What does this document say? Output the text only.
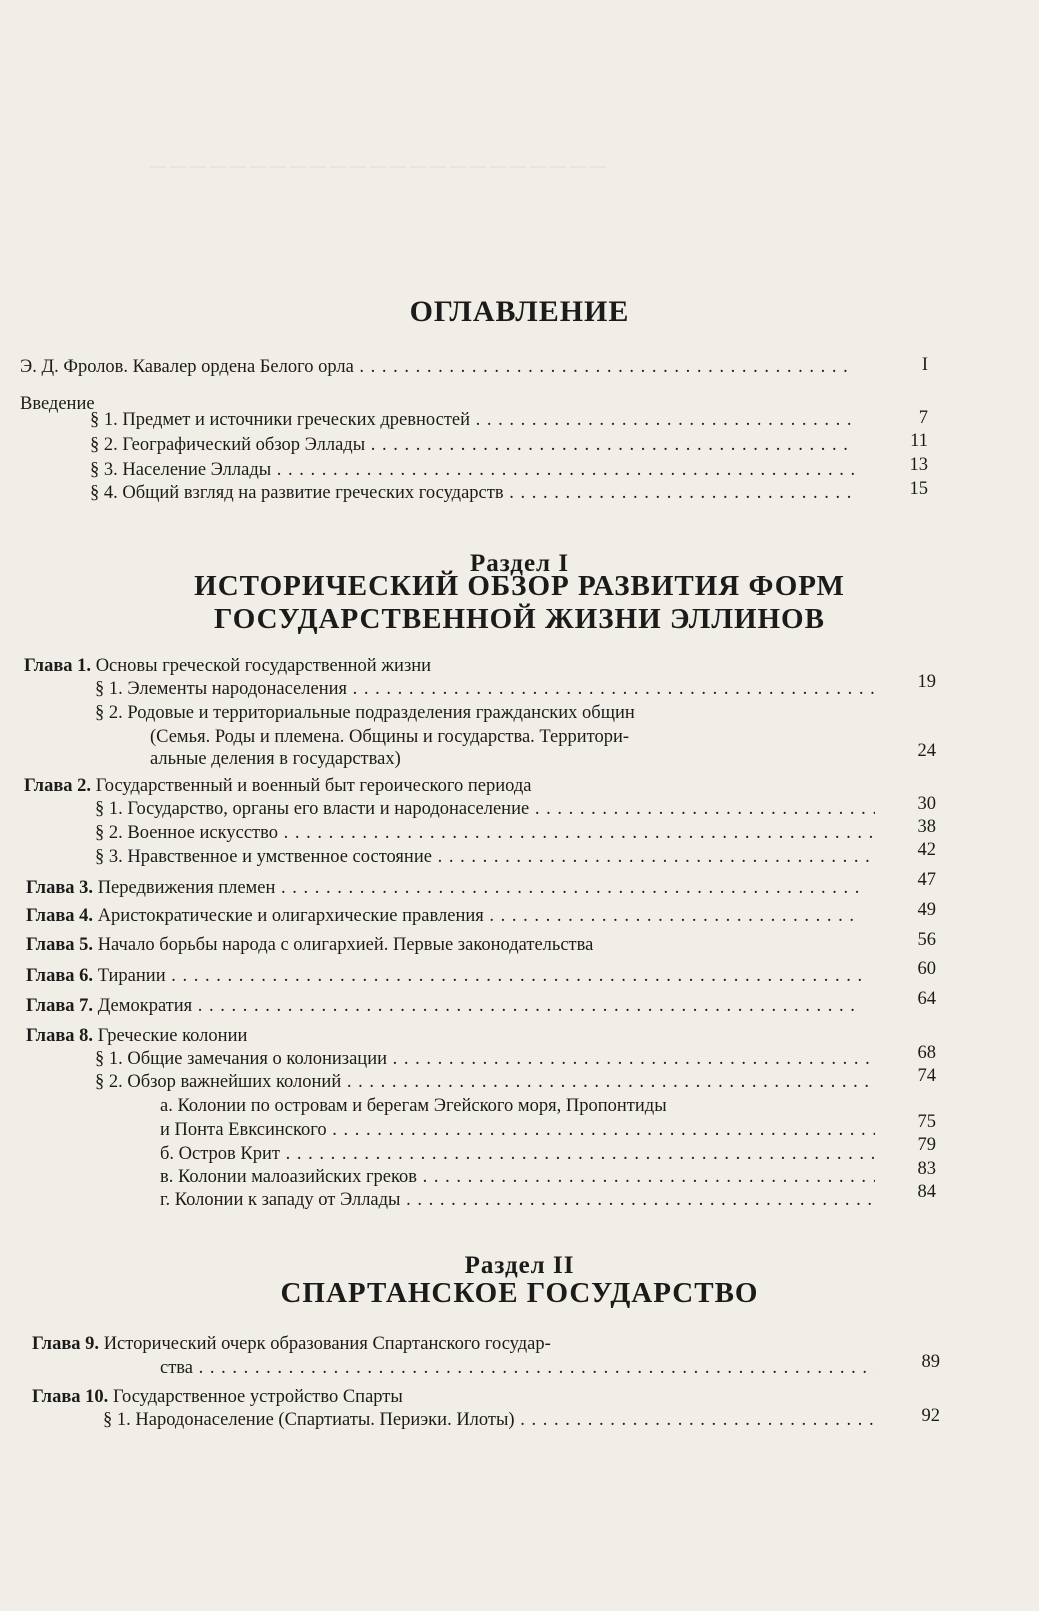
— — — — — — — — — — — — — — — — — — — — — — —
ОГЛАВЛЕНИЕ
Э. Д. Фролов. Кавалер ордена Белого орла . . .	I
Введение
§ 1. Предмет и источники греческих древностей . . .	7
§ 2. Географический обзор Эллады . . .	11
§ 3. Население Эллады . . .	13
§ 4. Общий взгляд на развитие греческих государств . . .	15
Раздел I
ИСТОРИЧЕСКИЙ ОБЗОР РАЗВИТИЯ ФОРМ
ГОСУДАРСТВЕННОЙ ЖИЗНИ ЭЛЛИНОВ
Глава 1. Основы греческой государственной жизни
§ 1. Элементы народонаселения . . .	19
§ 2. Родовые и территориальные подразделения гражданских общин
(Семья. Роды и племена. Общины и государства. Территори-
альные деления в государствах)	24
Глава 2. Государственный и военный быт героического периода
§ 1. Государство, органы его власти и народонаселение . . .	30
§ 2. Военное искусство . . .	38
§ 3. Нравственное и умственное состояние . . .	42
Глава 3. Передвижения племен . . .	47
Глава 4. Аристократические и олигархические правления . . .	49
Глава 5. Начало борьбы народа с олигархией. Первые законодательства	56
Глава 6. Тирании . . .	60
Глава 7. Демократия . . .	64
Глава 8. Греческие колонии
§ 1. Общие замечания о колонизации . . .	68
§ 2. Обзор важнейших колоний . . .	74
а. Колонии по островам и берегам Эгейского моря, Пропонтиды
и Понта Евксинского . . .	75
б. Остров Крит . . .	79
в. Колонии малоазийских греков . . .	83
г. Колонии к западу от Эллады . . .	84
Раздел II
СПАРТАНСКОЕ ГОСУДАРСТВО
Глава 9. Исторический очерк образования Спартанского государ-
ства . . .	89
Глава 10. Государственное устройство Спарты
§ 1. Народонаселение (Спартиаты. Периэки. Илоты) . . .	92
